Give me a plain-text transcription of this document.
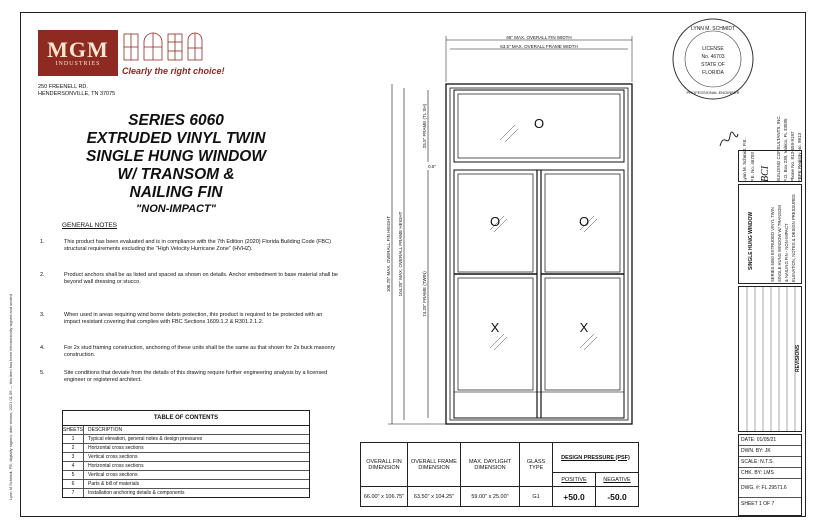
Lynn M Schmidt, PE, digitally signed, date shown, 2021.01.06 — this item has been electronically signed and sealed
MGM
INDUSTRIES
Clearly the right choice!
250 FREENELL RD.
HENDERSONVILLE, TN 37075
SERIES 6060
EXTRUDED VINYL TWIN
SINGLE HUNG WINDOW
W/ TRANSOM &
NAILING FIN
"NON-IMPACT"
GENERAL NOTES
1.	This product has been evaluated and is in compliance with the 7th Edition (2020) Florida Building Code (FBC) structural requirements excluding the "High Velocity Hurricane Zone" (HVHZ).
2.	Product anchors shall be as listed and spaced as shown on details. Anchor embedment to base material shall be beyond wall dressing or stucco.
3.	When used in areas requiring wind borne debris protection, this product is required to be protected with an impact resistant covering that complies with FBC Sections 1609.1.2 & R301.2.1.2.
4.	For 2x stud framing construction, anchoring of these units shall be the same as that shown for 2x buck masonry construction.
5.	Site conditions that deviate from the details of this drawing require further engineering analysis by a licensed engineer or registered architect.
TABLE OF CONTENTS
SHEETS DESCRIPTION
1	Typical elevation, general notes & design pressures
2	Horizontal cross sections
3	Vertical cross sections
4	Horizontal cross sections
5	Vertical cross sections
6	Parts & bill of materials
7	Installation anchoring details & components
O
O	O
X	X
65" MAX. OVERALL FIN WIDTH
63.5" MAX. OVERALL FRAME WIDTH
106.75" MAX. OVERALL FIN HEIGHT 104.25" MAX. OVERALL FRAME HEIGHT
25.5" FRAME (TL SH)
74.25" FRAME (TWIN)
0.5"
OVERALL FIN DIMENSION	OVERALL FRAME DIMENSION	MAX. DAYLIGHT DIMENSION	GLASS TYPE	DESIGN PRESSURE (PSF)	
				POSITIVE	NEGATIVE
66.00" x 106.75"	63.50" x 104.25"	59.00" x 25.00"	G1	+50.0	-50.0
LYNN M. SCHMIDT
LICENSE
No. 46703
STATE OF
FLORIDA
PROFESSIONAL ENGINEER
Lynn M. Schmidt, P.E. P.E. No. 46703 BCI BUILDING CONSULTANTS, INC. P.O. Box 230, Valrico, FL 33595 Phone No. 813-659-9197 FBPE Registry No. 9813
SINGLE HUNG WINDOW	SERIES 6060 EXTRUDED VINYL TWIN SINGLE HUNG WINDOW W/ TRANSOM & NAILING FIN - NON-IMPACT ELEVATION, NOTES & DESIGN PRESSURES
REVISIONS
DATE: 01/05/21
DWN. BY: JK
SCALE: N.T.S.
CHK. BY: LMS
DWG. #: FL 29571.6
SHEET 1 OF 7
